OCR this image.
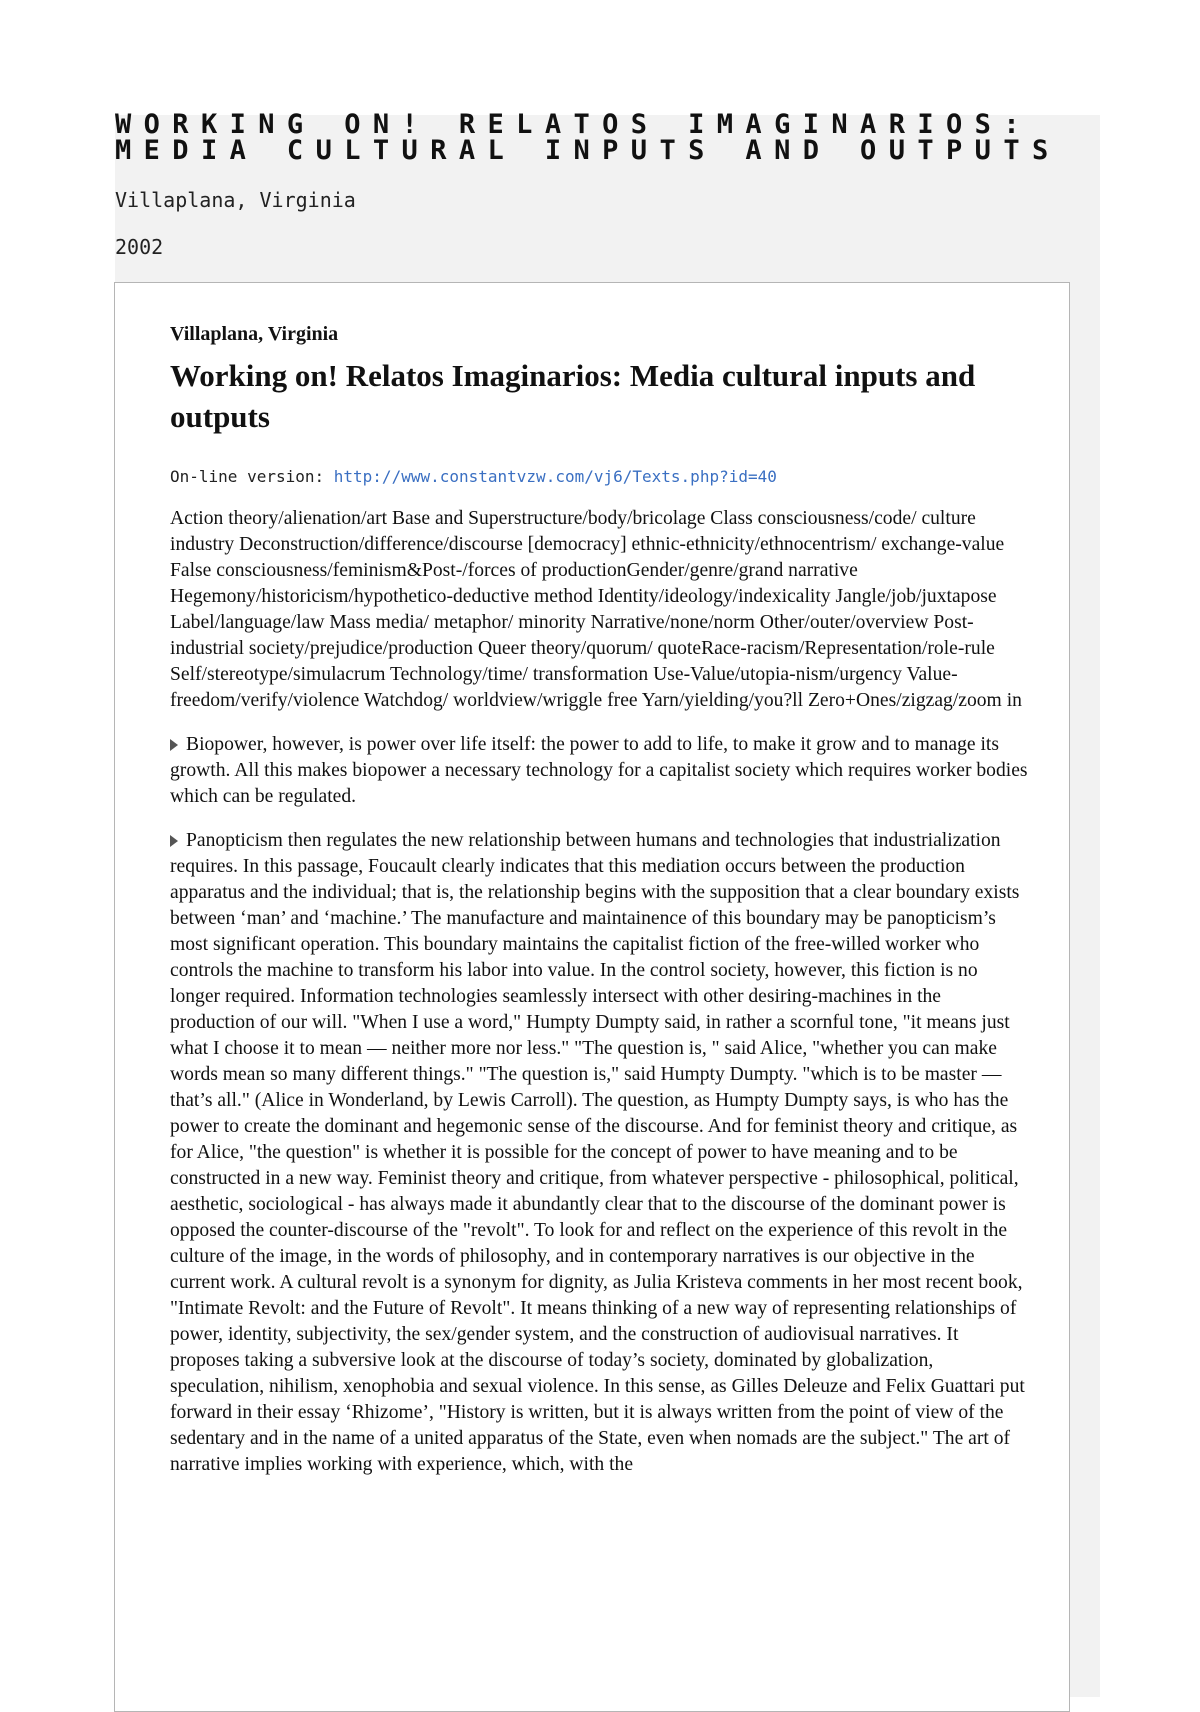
WORKING ON! RELATOS IMAGINARIOS:
MEDIA CULTURAL INPUTS AND OUTPUTS

Villaplana, Virginia

2002

Villaplana, Virginia

Working on! Relatos Imaginarios: Media cultural inputs and outputs

On-line version: http://www.constantvzw.com/vj6/Texts.php?id=40

Action theory/alienation/art Base and Superstructure/body/bricolage Class consciousness/code/ culture industry Deconstruction/difference/discourse [democracy] ethnic-ethnicity/ethnocentrism/ exchange-value False consciousness/feminism&Post-/forces of productionGender/genre/grand narrative Hegemony/historicism/hypothetico-deductive method Identity/ideology/indexicality Jangle/job/juxtapose Label/language/law Mass media/ metaphor/ minority Narrative/none/norm Other/outer/overview Post-industrial society/prejudice/production Queer theory/quorum/ quoteRace-racism/Representation/role-rule Self/stereotype/simulacrum Technology/time/ transformation Use-Value/utopia-nism/urgency Value-freedom/verify/violence Watchdog/ worldview/wriggle free Yarn/yielding/you?ll Zero+Ones/zigzag/zoom in

Biopower, however, is power over life itself: the power to add to life, to make it grow and to manage its growth. All this makes biopower a necessary technology for a capitalist society which requires worker bodies which can be regulated.

Panopticism then regulates the new relationship between humans and technologies that industrialization requires. In this passage, Foucault clearly indicates that this mediation occurs between the production apparatus and the individual; that is, the relationship begins with the supposition that a clear boundary exists between ‘man’ and ‘machine.’ The manufacture and maintainence of this boundary may be panopticism’s most significant operation. This boundary maintains the capitalist fiction of the free-willed worker who controls the machine to transform his labor into value. In the control society, however, this fiction is no longer required. Information technologies seamlessly intersect with other desiring-machines in the production of our will. "When I use a word," Humpty Dumpty said, in rather a scornful tone, "it means just what I choose it to mean — neither more nor less." "The question is, " said Alice, "whether you can make words mean so many different things." "The question is," said Humpty Dumpty. "which is to be master — that’s all." (Alice in Wonderland, by Lewis Carroll). The question, as Humpty Dumpty says, is who has the power to create the dominant and hegemonic sense of the discourse. And for feminist theory and critique, as for Alice, "the question" is whether it is possible for the concept of power to have meaning and to be constructed in a new way. Feminist theory and critique, from whatever perspective - philosophical, political, aesthetic, sociological - has always made it abundantly clear that to the discourse of the dominant power is opposed the counter-discourse of the "revolt". To look for and reflect on the experience of this revolt in the culture of the image, in the words of philosophy, and in contemporary narratives is our objective in the current work. A cultural revolt is a synonym for dignity, as Julia Kristeva comments in her most recent book, "Intimate Revolt: and the Future of Revolt". It means thinking of a new way of representing relationships of power, identity, subjectivity, the sex/gender system, and the construction of audiovisual narratives. It proposes taking a subversive look at the discourse of today’s society, dominated by globalization, speculation, nihilism, xenophobia and sexual violence. In this sense, as Gilles Deleuze and Felix Guattari put forward in their essay ‘Rhizome’, "History is written, but it is always written from the point of view of the sedentary and in the name of a united apparatus of the State, even when nomads are the subject." The art of narrative implies working with experience, which, with the
